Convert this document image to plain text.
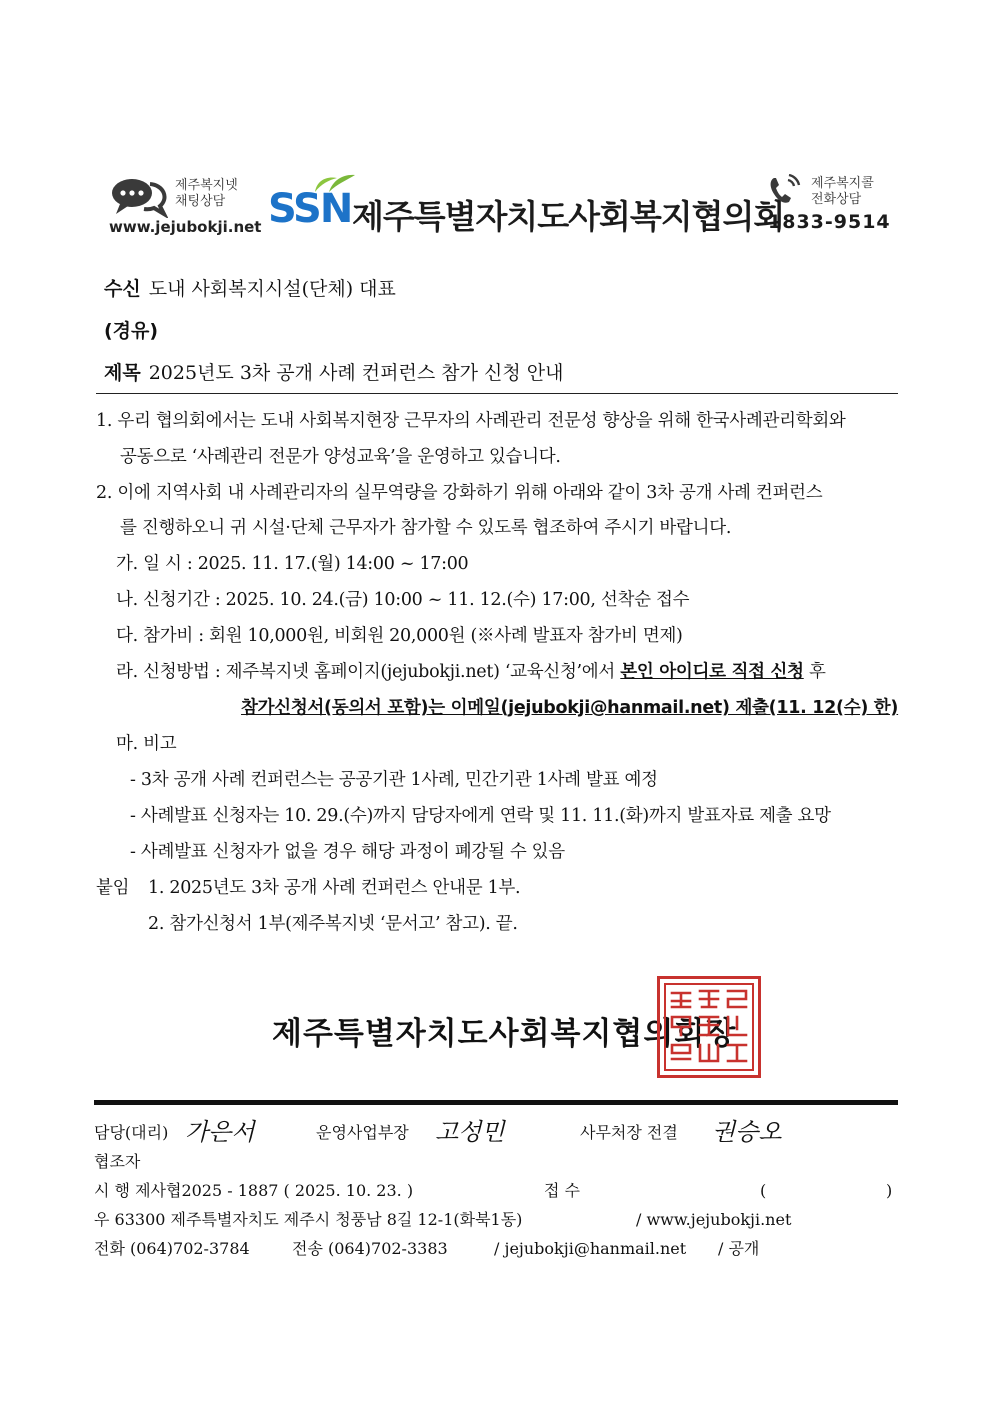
제주복지넷
채팅상담
www.jejubokji.net SSN 제주특별자치도사회복지협의회
제주복지콜
전화상담
1833-9514
수신 도내 사회복지시설(단체) 대표
(경유)
제목 2025년도 3차 공개 사례 컨퍼런스 참가 신청 안내
1. 우리 협의회에서는 도내 사회복지현장 근무자의 사례관리 전문성 향상을 위해 한국사례관리학회와
공동으로 ‘사례관리 전문가 양성교육’을 운영하고 있습니다.
2. 이에 지역사회 내 사례관리자의 실무역량을 강화하기 위해 아래와 같이 3차 공개 사례 컨퍼런스
를 진행하오니 귀 시설·단체 근무자가 참가할 수 있도록 협조하여 주시기 바랍니다.
가. 일 시 : 2025. 11. 17.(월) 14:00 ~ 17:00
나. 신청기간 : 2025. 10. 24.(금) 10:00 ~ 11. 12.(수) 17:00, 선착순 접수
다. 참가비 : 회원 10,000원, 비회원 20,000원 (※사례 발표자 참가비 면제)
라. 신청방법 : 제주복지넷 홈페이지(jejubokji.net) ‘교육신청’에서 본인 아이디로 직접 신청 후
참가신청서(동의서 포함)는 이메일(jejubokji@hanmail.net) 제출(11. 12(수) 한)
마. 비고
- 3차 공개 사례 컨퍼런스는 공공기관 1사례, 민간기관 1사례 발표 예정
- 사례발표 신청자는 10. 29.(수)까지 담당자에게 연락 및 11. 11.(화)까지 발표자료 제출 요망
- 사례발표 신청자가 없을 경우 해당 과정이 폐강될 수 있음
붙임 1. 2025년도 3차 공개 사례 컨퍼런스 안내문 1부.
2. 참가신청서 1부(제주복지넷 ‘문서고’ 참고). 끝.
제주특별자치도사회복지협의회장
담당(대리) 가은서	운영사업부장 고성민	사무처장 전결 권승오
협조자
시 행 제사협2025 - 1887 ( 2025. 10. 23. )	접 수	(	)
우 63300 제주특별자치도 제주시 청풍남 8길 12-1(화북1동)	/ www.jejubokji.net
전화 (064)702-3784	전송 (064)702-3383	/ jejubokji@hanmail.net / 공개
